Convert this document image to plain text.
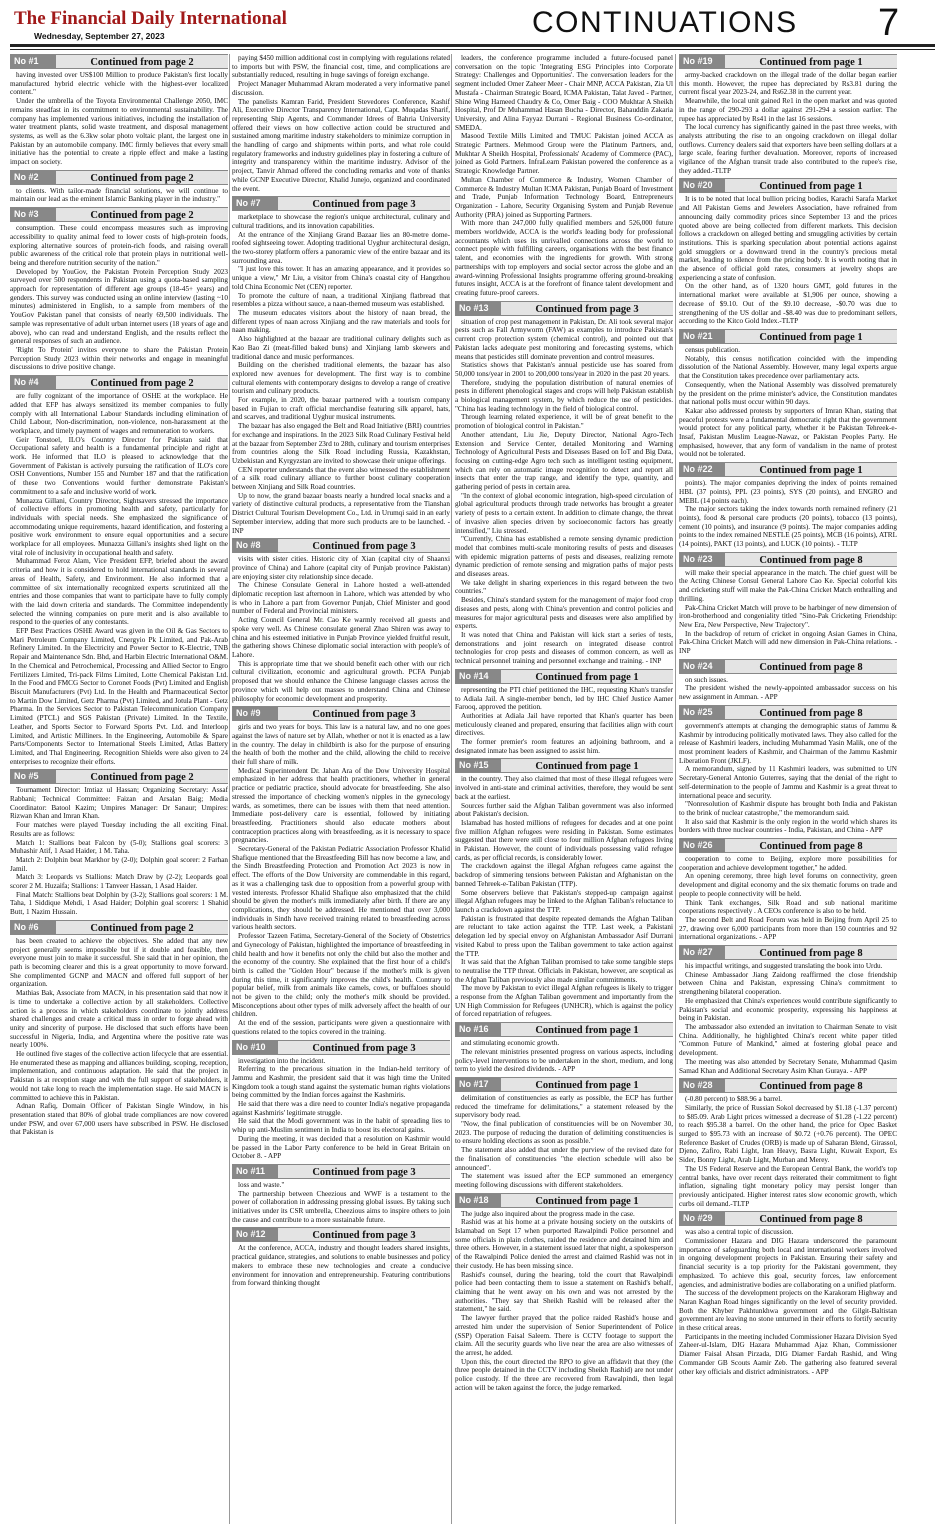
The Financial Daily International
Wednesday, September 27, 2023	CONTINUATIONS 7
No #1	Continued from page 2

having invested over US$100 Million to produce Pakistan's first locally manufactured hybrid electric vehicle with the highest-ever localized content."

Under the umbrella of the Toyota Environmental Challenge 2050, IMC remains steadfast in its commitment to environmental sustainability. The company has implemented various initiatives, including the installation of water treatment plants, solid waste treatment, and disposal management systems, as well as the 6.3kw solar photo voltaic plant, the largest one in Pakistan by an automobile company. IMC firmly believes that every small initiative has the potential to create a ripple effect and make a lasting impact on society.

No #2	Continued from page 2

to clients. With tailor-made financial solutions, we will continue to maintain our lead as the eminent Islamic Banking player in the industry."

No #3	Continued from page 2

consumption. These could encompass measures such as improving accessibility to quality animal feed to lower costs of high-protein foods, exploring alternative sources of protein-rich foods, and raising overall public awareness of the critical role that protein plays in nutritional well-being and therefore nutrition security of the nation."

Developed by YouGov, the Pakistan Protein Perception Study 2023 surveyed over 500 respondents in Pakistan using a quota-based sampling approach for representation of different age groups (18-45+ years) and genders. This survey was conducted using an online interview (lasting ~10 minutes) administered in English, to a sample from members of the YouGov Pakistan panel that consists of nearly 69,500 individuals. The sample was representative of adult urban internet users (18 years of age and above), who can read and understand English, and the results reflect the general responses of such an audience.

'Right To Protein' invites everyone to share the Pakistan Protein Perception Study 2023 within their networks and engage in meaningful discussions to drive positive change.

No #4	Continued from page 2

are fully cognizant of the importance of OSHE at the workplace. He added that EFP has always sensitized its member companies to fully comply with all International Labour Standards including elimination of Child Labour, Non-discrimination, non-violence, non-harassment at the workplace, and timely payment of wages and remuneration to workers.

Geir Tonstoel, ILO's Country Director for Pakistan said that Occupational safety and health is a fundamental principle and right at work. He informed that ILO is pleased to acknowledge that the Government of Pakistan is actively pursuing the ratification of ILO's core OSH Conventions, Number 155 and Number 187 and that the ratification of these two Conventions would further demonstrate Pakistan's commitment to a safe and inclusive world of work.

Munazza Gillani, Country Director, Sightsavers stressed the importance of collective efforts in promoting health and safety, particularly for individuals with special needs. She emphasized the significance of accommodating unique requirements, hazard identification, and fostering a positive work environment to ensure equal opportunities and a secure workplace for all employees. Munazza Gillani's insights shed light on the vital role of inclusivity in occupational health and safety.

Muhammad Feroz Alam, Vice President EFP, briefed about the award criteria and how it is considered to hold international standards in several areas of Health, Safety, and Environment. He also informed that a committee of six internationally recognized experts scrutinized all the entries and those companies that want to participate have to fully comply with the laid down criteria and standards. The Committee independently selected the winning companies on pure merit and is also available to respond to the queries of any contestants.

EFP Best Practices OSHE Award was given in the Oil & Gas Sectors to Mari Petroleum Company Limited, Cnergyio Pk Limited, and Pak-Arab Refinery Limited. In the Electricity and Power Sector to K-Electric, TNB Repair and Maintenance Sdn. Bhd, and Harbin Electric International O&M. In the Chemical and Petrochemical, Processing and Allied Sector to Engro Fertilizers Limited, Tri-pack Films Limited, Lotte Chemical Pakistan Ltd. In the Food and FMCG Sector to Coronet Foods (Pvt) Limited and English Biscuit Manufacturers (Pvt) Ltd. In the Health and Pharmaceutical Sector to Martin Dow Limited, Getz Pharma (Pvt) Limited, and Jotula Plant - Getz Pharma. In the Services Sector to Pakistan Telecommunication Company Limited (PTCL) and SGS Pakistan (Private) Limited. In the Textile, Leather, and Sports Sector to Forward Sports Pvt. Ltd. and Interloop Limited, and Artistic Milliners. In the Engineering, Automobile & Spare Parts/Components Sector to International Steels Limited, Atlas Battery Limited, and Thal Engineering. Recognition Shields were also given to 24 enterprises to recognize their efforts.

No #5	Continued from page 2

Tournament Director: Imtiaz ul Hassan; Organizing Secretary: Assaf Rabbani; Technical Committee: Faizan and Arsalan Baig; Media Coordinator: Batool Kazim; Umpires Manager: Dr Sanaur; Umpires: Rizwan Khan and Imran Khan.

Four matches were played Tuesday including the all exciting Final. Results are as follows:

Match 1: Stallions beat Falcon by (5-0); Stallions goal scorers: 3 Muhashir Atif, 1 Asad Haider, 1 M. Taha.

Match 2: Dolphin beat Markhor by (2-0); Dolphin goal scorer: 2 Farhan Jamil.

Match 3: Leopards vs Stallions: Match Draw by (2-2); Leopards goal scorer 2 M. Huzaifa; Stallions: 1 Tanveer Hassan, 1 Asad Haider.

Final Match: Stallions beat Dolphin by (3-2); Stallions goal scorers: 1 M. Taha, 1 Siddique Mehdi, 1 Asad Haider; Dolphin goal scorers: 1 Shahid Butt, 1 Nazim Hussain.

No #6	Continued from page 2

has been created to achieve the objectives. She added that any new project generally seems impossible but if it double and feasible, then everyone must join to make it successful. She said that in her opinion, the path is becoming clearer and this is a great opportunity to move forward. She complimented GCNP and MACN and offered full support of her organization.

Mathias Bak, Associate from MACN, in his presentation said that now it is time to undertake a collective action by all stakeholders. Collective action is a process in which stakeholders coordinate to jointly address shared challenges and create a critical mass in order to forge ahead with unity and sincerity of purpose. He disclosed that such efforts have been successful in Nigeria, India, and Argentina where the positive rate was nearly 100%.

He outlined five stages of the collective action lifecycle that are essential. He enumerated these as mapping and alliances building, scoping, reception, implementation, and continuous adaptation. He said that the project in Pakistan is at reception stage and with the full support of stakeholders, it would not take long to reach the implementation stage. He said MACN is committed to achieve this in Pakistan.

Adnan Rafiq, Domain Officer of Pakistan Single Window, in his presentation stated that 80% of global trade compliances are now covered under PSW, and over 67,000 users have subscribed in PSW. He disclosed that Pakistan is

paying $450 million additional cost in complying with regulations related to imports but with PSW, the financial cost, time, and complications are substantially reduced, resulting in huge savings of foreign exchange.

Project Manager Muhammad Akram moderated a very informative panel discussion.

The panelists Kamran Farid, President Stevedores Conference, Kashif Ali, Executive Director Transparency International, Capt. Muqadas Sharif, representing Ship Agents, and Commander Idrees of Bahria University offered their views on how collective action could be structured and sustained among maritime industry stakeholders to minimize corruption in the handling of cargo and shipments within ports, and what role could regulatory frameworks and industry guidelines play in fostering a culture of integrity and transparency within the maritime industry. Advisor of the project, Tanvir Ahmad offered the concluding remarks and vote of thanks while GCNP Executive Director, Khalid Junejo, organized and coordinated the event.

No #7	Continued from page 3

marketplace to showcase the region's unique architectural, culinary and cultural traditions, and its innovation capabilities.

At the entrance of the Xinjiang Grand Bazaar lies an 80-metre dome-roofed sightseeing tower. Adopting traditional Uyghur architectural design, the two-storey platform offers a panoramic view of the entire bazaar and its surrounding area.

"I just love this tower. It has an amazing appearance, and it provides so unique a view," Mr Liu, a visitor from China's coastal city of Hangzhou told China Economic Net (CEN) reporter.

To promote the culture of naan, a traditional Xinjiang flatbread that resembles a pizza without sauce, a naan-themed museum was established.

The museum educates visitors about the history of naan bread, the different types of naan across Xinjiang and the raw materials and tools for naan making.

Also highlighted at the bazaar are traditional culinary delights such as Kao Bao Zi (meat-filled baked buns) and Xinjiang lamb skewers and traditional dance and music performances.

Building on the cherished traditional elements, the bazaar has also explored new avenues for development. The first way is to combine cultural elements with contemporary designs to develop a range of creative tourism and culinary products.

For example, in 2020, the bazaar partnered with a tourism company based in Fujian to craft official merchandise featuring silk apparel, hats, and scarves, and traditional Uyghur musical instruments.

The bazaar has also engaged the Belt and Road Initiative (BRI) countries for exchange and inspirations. In the 2023 Silk Road Culinary Festival held at the bazaar from September 23rd to 28th, culinary and tourism enterprises from countries along the Silk Road including Russia, Kazakhstan, Uzbekistan and Kyrgyzstan are invited to showcase their unique offerings.

CEN reporter understands that the event also witnessed the establishment of a silk road culinary alliance to further boost culinary cooperation between Xinjiang and Silk Road countries.

Up to now, the grand bazaar boasts nearly a hundred local snacks and a variety of distinctive cultural products, a representative from the Tianshan District Cultural Tourism Development Co., Ltd. in Urumqi said in an early September interview, adding that more such products are to be launched. - INP

No #8	Continued from page 3

visits with sister cities. Historic city of Xian (capital city of Shaanxi province of China) and Lahore (capital city of Punjab province Pakistan) are enjoying sister city relationship since decade.

The Chinese Consulate General in Lahore hosted a well-attended diplomatic reception last afternoon in Lahore, which was attended by who is who in Lahore a part from Governor Punjab, Chief Minister and good number of Federal and Provincial ministers.

Acting Council General Mr. Cao Ke warmly received all guests and spoke very well. As Chinese consulate general Zhao Shiren was away to china and his esteemed initiative in Punjab Province yielded fruitful result, the gathering shows Chinese diplomatic social interaction with people's of Lahore.

This is appropriate time that we should benefit each other with our rich cultural civilization, economic and agricultural growth. PCFA Punjab proposed that we should enhance the Chinese language classes across the province which will help out masses to understand China and Chinese philosophy for economic development and prosperity.

No #9	Continued from page 3

girls and two years for boys. This law is a natural law, and no one goes against the laws of nature set by Allah, whether or not it is enacted as a law in the country. The delay in childbirth is also for the purpose of ensuring the health of both the mother and the child, allowing the child to receive their full share of milk.

Medical Superintendent Dr. Jahan Ara of the Dow University Hospital emphasized in her address that health practitioners, whether in general practice or pediatric practice, should advocate for breastfeeding. She also stressed the importance of checking women's nipples in the gynecology wards, as sometimes, there can be issues with them that need attention. Immediate post-delivery care is essential, followed by initiating breastfeeding. Practitioners should also educate mothers about contraception practices along with breastfeeding, as it is necessary to space pregnancies.

Secretary-General of the Pakistan Pediatric Association Professor Khalid Shafique mentioned that the Breastfeeding Bill has now become a law, and the Sindh Breastfeeding Protection and Promotion Act 2023 is now in effect. The efforts of the Dow University are commendable in this regard, as it was a challenging task due to opposition from a powerful group with vested interests. Professor Khalid Shafique also emphasized that the child should be given the mother's milk immediately after birth. If there are any complications, they should be addressed. He mentioned that over 3,000 individuals in Sindh have received training related to breastfeeding across various health sectors.

Professor Tazeen Fatima, Secretary-General of the Society of Obstetrics and Gynecology of Pakistan, highlighted the importance of breastfeeding in child health and how it benefits not only the child but also the mother and the economy of the country. She explained that the first hour of a child's birth is called the "Golden Hour" because if the mother's milk is given during this time, it significantly improves the child's health. Contrary to popular belief, milk from animals like camels, cows, or buffaloes should not be given to the child; only the mother's milk should be provided. Misconceptions about other types of milk adversely affect the health of our children.

At the end of the session, participants were given a questionnaire with questions related to the topics covered in the training.

No #10	Continued from page 3

investigation into the incident.

Referring to the precarious situation in the Indian-held territory of Jammu and Kashmir, the president said that it was high time the United Kingdom took a tough stand against the systematic human rights violations being committed by the Indian forces against the Kashmiris.

He said that there was a dire need to counter India's negative propaganda against Kashmiris' legitimate struggle.

He said that the Modi government was in the habit of spreading lies to whip up anti-Muslim sentiment in India to boost its electoral gains.

During the meeting, it was decided that a resolution on Kashmir would be passed in the Labor Party conference to be held in Great Britain on October 8. - APP

No #11	Continued from page 3

loss and waste."

The partnership between Cheezious and WWF is a testament to the power of collaboration in addressing pressing global issues. By taking such initiatives under its CSR umbrella, Cheezious aims to inspire others to join the cause and contribute to a more sustainable future.

No #12	Continued from page 3

At the conference, ACCA, industry and thought leaders shared insights, practical guidance, strategies, and solutions to enable businesses and policy makers to embrace these new technologies and create a conducive environment for innovation and entrepreneurship. Featuring contributions from forward thinking thought

leaders, the conference programme included a future-focused panel conversation on the topic 'Integrating ESG Principles into Corporate Strategy: Challenges and Opportunities'. The conversation leaders for the segment included Omer Zaheer Meer - Chair MNP, ACCA Pakistan, Zia Ul Mustafa - Chairman Strategic Board, ICMA Pakistan, Talat Javed - Partner, Shine Wing Hameed Chaudry & Co, Omer Baig - COO Mukhtar A Sheikh Hospital, Prof Dr Muhammad Hasan Bucha - Director, Bahauddin Zakaria University, and Alina Fayyaz Durrani - Regional Business Co-ordinator, SMEDA.

Masood Textile Mills Limited and TMUC Pakistan joined ACCA as Strategic Partners. Mehmood Group were the Platinum Partners, and, Mukhtar A Sheikh Hospital, Professionals' Academy of Commerce (PAC), joined as Gold Partners. InfraLearn Pakistan powered the conference as a Strategic Knowledge Partner.

Multan Chamber of Commerce & Industry, Women Chamber of Commerce & Industry Multan ICMA Pakistan, Punjab Board of Investment and Trade, Punjab Information Technology Board, Entrepreneurs Organization - Lahore, Security Organising System and Punjab Revenue Authority (PRA) joined as Supporting Partners.

With more than 247,000 fully qualified members and 526,000 future members worldwide, ACCA is the world's leading body for professional accountants which uses its unrivalled connections across the world to connect people with fulfilling careers, organisations with the best finance talent, and economies with the ingredients for growth. With strong partnerships with top employers and social sector across the globe and an award-winning Professional Insights programme offering ground-breaking futures insight, ACCA is at the forefront of finance talent development and creating future-proof careers.

No #13	Continued from page 3

situation of crop pest management in Pakistan, Dr. Ali took several major pests such as Fall Armyworm (FAW) as examples to introduce Pakistan's current crop protection system (chemical control), and pointed out that Pakistan lacks adequate pest monitoring and forecasting systems, which means that pesticides still dominate prevention and control measures.

Statistics shows that Pakistan's annual pesticide use has soared from 50,000 tons/year in 2001 to 200,000 tons/year in 2020 in the past 20 years.

Therefore, studying the population distribution of natural enemies of pests in different phenological stages and crops will help Pakistan establish a biological management system, by which reduce the use of pesticides. "China has leading technology in the field of biological control.

Through learning related experience, it will be of great benefit to the promotion of biological control in Pakistan."

Another attendant, Liu Jie, Deputy Director, National Agro-Tech Extension and Service Center, detailed Monitoring and Warning Technology of Agricultural Pests and Diseases Based on IoT and Big Data, focusing on cutting-edge Agro tech such as intelligent testing equipment, which can rely on automatic image recognition to detect and report all insects that enter the trap range, and identify the type, quantity, and gathering period of pests in certain area.

"In the context of global economic integration, high-speed circulation of global agricultural products through trade networks has brought a greater variety of pests to a certain extent. In addition to climate change, the threat of invasive alien species driven by socioeconomic factors has greatly intensified," Liu stressed.

"Currently, China has established a remote sensing dynamic prediction model that combines multi-scale monitoring results of pests and diseases with epidemic migration patterns of pests and diseases, realizing remote dynamic prediction of remote sensing and migration paths of major pests and diseases areas.

We take delight in sharing experiences in this regard between the two countries."

Besides, China's standard system for the management of major food crop diseases and pests, along with China's prevention and control policies and measures for major agricultural pests and diseases were also amplified by experts.

It was noted that China and Pakistan will kick start a series of tests, demonstrations and joint research on integrated disease control technologies for crop pests and diseases of common concern, as well as technical personnel training and personnel exchange and training. - INP

No #14	Continued from page 1

representing the PTI chief petitioned the IHC, requesting Khan's transfer to Adiala Jail. A single-member bench, led by IHC Chief Justice Aamer Farooq, approved the petition.

Authorities at Adiala Jail have reported that Khan's quarter has been meticulously cleaned and prepared, ensuring that facilities align with court directives.

The former premier's room features an adjoining bathroom, and a designated inmate has been assigned to assist him.

No #15	Continued from page 1

in the country. They also claimed that most of these illegal refugees were involved in anti-state and criminal activities, therefore, they would be sent back at the earliest.

Sources further said the Afghan Taliban government was also informed about Pakistan's decision.

Islamabad has hosted millions of refugees for decades and at one point five million Afghan refugees were residing in Pakistan. Some estimates suggested that there were still close to four million Afghan refugees living in Pakistan. However, the count of individuals possessing valid refugee cards, as per official records, is considerably lower.

The crackdown against the illegal Afghan refugees came against the backdrop of simmering tensions between Pakistan and Afghanistan on the banned Tehreek-e-Taliban Pakistan (TTP).

Some observers believe that Pakistan's stepped-up campaign against illegal Afghan refugees may be linked to the Afghan Taliban's reluctance to launch a crackdown against the TTP.

Pakistan is frustrated that despite repeated demands the Afghan Taliban are reluctant to take action against the TTP. Last week, a Pakistani delegation led by special envoy on Afghanistan Ambassador Asif Durrani visited Kabul to press upon the Taliban government to take action against the TTP.

It was said that the Afghan Taliban promised to take some tangible steps to neutralise the TTP threat. Officials in Pakistan, however, are sceptical as the Afghan Taliban previously also made similar commitments.

The move by Pakistan to evict illegal Afghan refugees is likely to trigger a response from the Afghan Taliban government and importantly from the UN High Commission for Refugees (UNHCR), which is against the policy of forced repatriation of refugees.

No #16	Continued from page 1

and stimulating economic growth.

The relevant ministries presented progress on various aspects, including policy-level interventions to be undertaken in the short, medium, and long term to yield the desired dividends. - APP

No #17	Continued from page 1

delimitation of constituencies as early as possible, the ECP has further reduced the timeframe for delimitations," a statement released by the supervisory body read.

"Now, the final publication of constituencies will be on November 30, 2023. The purpose of reducing the duration of delimiting constituencies is to ensure holding elections as soon as possible."

The statement also added that under the purview of the revised date for the finalisation of constituencies "the election schedule will also be announced".

The statement was issued after the ECP summoned an emergency meeting following discussions with different stakeholders.

No #18	Continued from page 1

The judge also inquired about the progress made in the case.

Rashid was at his home at a private housing society on the outskirts of Islamabad on Sept 17 when purported Rawalpindi Police personnel and some officials in plain clothes, raided the residence and detained him and three others. However, in a statement issued later that night, a spokesperson of the Rawalpindi Police denied the arrest and claimed Rashid was not in their custody. He has been missing since.

Rashid's counsel, during the hearing, told the court that Rawalpindi police had been contacting them to issue a statement on Rashid's behalf, claiming that he went away on his own and was not arrested by the authorities. "They say that Sheikh Rashid will be released after the statement," he said.

The lawyer further prayed that the police raided Rashid's house and arrested him under the supervision of Senior Superintendent of Police (SSP) Operation Faisal Saleem. There is CCTV footage to support the claim. All the security guards who live near the area are also witnesses of the arrest, he added.

Upon this, the court directed the RPO to give an affidavit that they (the three people detained in the CCTV including Sheikh Rashid) are not under police custody. If the three are recovered from Rawalpindi, then legal action will be taken against the force, the judge remarked.

No #19	Continued from page 1

army-backed crackdown on the illegal trade of the dollar began earlier this month. However, the rupee has depreciated by Rs3.81 during the current fiscal year 2023-24, and Rs62.38 in the current year.

Meanwhile, the local unit gained Re1 in the open market and was quoted in the range of 290-293 a dollar against 291-294 a session earlier. The rupee has appreciated by Rs41 in the last 16 sessions.

The local currency has significantly gained in the past three weeks, with analysts attributing the rise to an ongoing crackdown on illegal dollar outflows. Currency dealers said that exporters have been selling dollars at a large scale, fearing further devaluation. Moreover, reports of increased vigilance of the Afghan transit trade also contributed to the rupee's rise, they added.-TLTP

No #20	Continued from page 1

It is to be noted that local bullion pricing bodies, Karachi Sarafa Market and All Pakistan Gems and Jewelers Association, have refrained from announcing daily commodity prices since September 13 and the prices quoted above are being collected from different markets. This decision follows a crackdown on alleged betting and smuggling activities by certain institutions. This is sparking speculation about potential actions against gold smugglers or a downward trend in the country's precious metal market, leading to silence from the pricing body. It is worth noting that in the absence of official gold rates, consumers at jewelry shops are experiencing a state of confusion.

On the other hand, as of 1320 hours GMT, gold futures in the international market were available at $1,906 per ounce, showing a decrease of $9.10. Out of the $9.10 decrease, -$0.70 was due to strengthening of the US dollar and -$8.40 was due to predominant sellers, according to the Kitco Gold Index.-TLTP

No #21	Continued from page 1

census publication.

Notably, this census notification coincided with the impending dissolution of the National Assembly. However, many legal experts argue that the Constitution takes precedence over parliamentary acts.

Consequently, when the National Assembly was dissolved prematurely by the president on the prime minister's advice, the Constitution mandates that national polls must occur within 90 days.

Kakar also addressed protests by supporters of Imran Khan, stating that peaceful protests were a fundamental democratic right that the government would protect for any political party, whether it be Pakistan Tehreek-e-Insaf, Pakistan Muslim League-Nawaz, or Pakistan Peoples Party. He emphasised, however, that any form of vandalism in the name of protest would not be tolerated.

No #22	Continued from page 1

points). The major companies depriving the index of points remained HBL (37 points), PPL (23 points), SYS (20 points), and ENGRO and MEBL (14 points each).

The major sectors taking the index towards north remained refinery (21 points), food & personal care products (20 points), tobacco (13 points), cement (10 points), and insurance (9 points). The major companies adding points to the index remained NESTLE (25 points), MCB (16 points), ATRL (14 points), PAKT (13 points), and LUCK (10 points). - TLTP

No #23	Continued from page 8

will make their special appearance in the match. The chief guest will be the Acting Chinese Consul General Lahore Cao Ke. Special colorful kits and cricketing stuff will make the Pak-China Cricket Match enthralling and thrilling.

Pak-China Cricket Match will prove to be harbinger of new dimension of iron-brotherhood and congeniality titled "Sino-Pak Cricketing Friendship: New Era, New Perspective, New Trajectory".

In the backdrop of return of cricket in ongoing Asian Games in China, Pak-China Cricket Match will add new dimension in Pak-China relations. - INP

No #24	Continued from page 8

on such issues.

The president wished the newly-appointed ambassador success on his new assignment in Amman. - APP

No #25	Continued from page 8

government's attempts at changing the demographic status of Jammu & Kashmir by introducing politically motivated laws. They also called for the release of Kashmiri leaders, including Muhammad Yasin Malik, one of the most prominent leaders of Kashmir, and Chairman of the Jammu Kashmir Liberation Front (JKLF).

A memorandum, signed by 11 Kashmiri leaders, was submitted to UN Secretary-General Antonio Guterres, saying that the denial of the right to self-determination to the people of Jammu and Kashmir is a great threat to international peace and security.

"Nonresolution of Kashmir dispute has brought both India and Pakistan to the brink of nuclear catastrophe," the memorandum said.

It also said that Kashmir is the only region in the world which shares its borders with three nuclear countries - India, Pakistan, and China - APP

No #26	Continued from page 8

cooperation to come to Beijing, explore more possibilities for cooperation and achieve development together," he added.

An opening ceremony, three high level forums on connectivity, green development and digital economy and the six thematic forums on trade and people to people connectivity will be held.

Think Tank exchanges, Silk Road and sub national maritime cooperations respectively . A CEOs conference is also to be held.

The second Belt and Road Forum was held in Beijing from April 25 to 27, drawing over 6,000 participants from more than 150 countries and 92 international organizations. - APP

No #27	Continued from page 8

his impactful writings, and suggested translating the book into Urdu.

Chinese Ambassador Jiang Zaidong reaffirmed the close friendship between China and Pakistan, expressing China's commitment to strengthening bilateral cooperation.

He emphasized that China's experiences would contribute significantly to Pakistan's social and economic prosperity, expressing his happiness at being in Pakistan.

The ambassador also extended an invitation to Chairman Senate to visit China. Additionally, he highlighted China's recent white paper titled "Common Future of Mankind," aimed at fostering global peace and development.

The meeting was also attended by Secretary Senate, Muhammad Qasim Samad Khan and Additional Secretary Asim Khan Guraya. - APP

No #28	Continued from page 8

(-0.80 percent) to $88.96 a barrel.

Similarly, the price of Russian Sokol decreased by $1.18 (-1.37 percent) to $85.09. Arab Light prices witnessed a decrease of $1.28 (-1.22 percent) to reach $95.38 a barrel. On the other hand, the price for Opec Basket surged to $95.73 with an increase of $0.72 (+0.76 percent). The OPEC Reference Basket of Crudes (ORB) is made up of Saharan Blend, Girassol, Djeno, Zafiro, Rabi Light, Iran Heavy, Basra Light, Kuwait Export, Es Sider, Bonny Light, Arab Light, Murban and Merey.

The US Federal Reserve and the European Central Bank, the world's top central banks, have over recent days reiterated their commitment to fight inflation, signaling tight monetary policy may persist longer than previously anticipated. Higher interest rates slow economic growth, which curbs oil demand.-TLTP

No #29	Continued from page 8

was also a central topic of discussion.

Commissioner Hazara and DIG Hazara underscored the paramount importance of safeguarding both local and international workers involved in ongoing development projects in Pakistan. Ensuring their safety and financial security is a top priority for the Pakistani government, they emphasized. To achieve this goal, security forces, law enforcement agencies, and administrative bodies are collaborating on a unified platform.

The success of the development projects on the Karakoram Highway and Naran Kaghan Road hinges significantly on the level of security provided. Both the Khyber Pakhtunkhwa government and the Gilgit-Baltistan government are leaving no stone unturned in their efforts to fortify security in these critical areas.

Participants in the meeting included Commissioner Hazara Division Syed Zaheer-ul-Islam, DIG Hazara Muhammad Ajaz Khan, Commissioner Diamer Faisal Ahsan Pirzada, DIG Diamer Fardah Rashid, and Wing Commander GB Scouts Aamir Zeb. The gathering also featured several other key officials and district administrators. - APP
